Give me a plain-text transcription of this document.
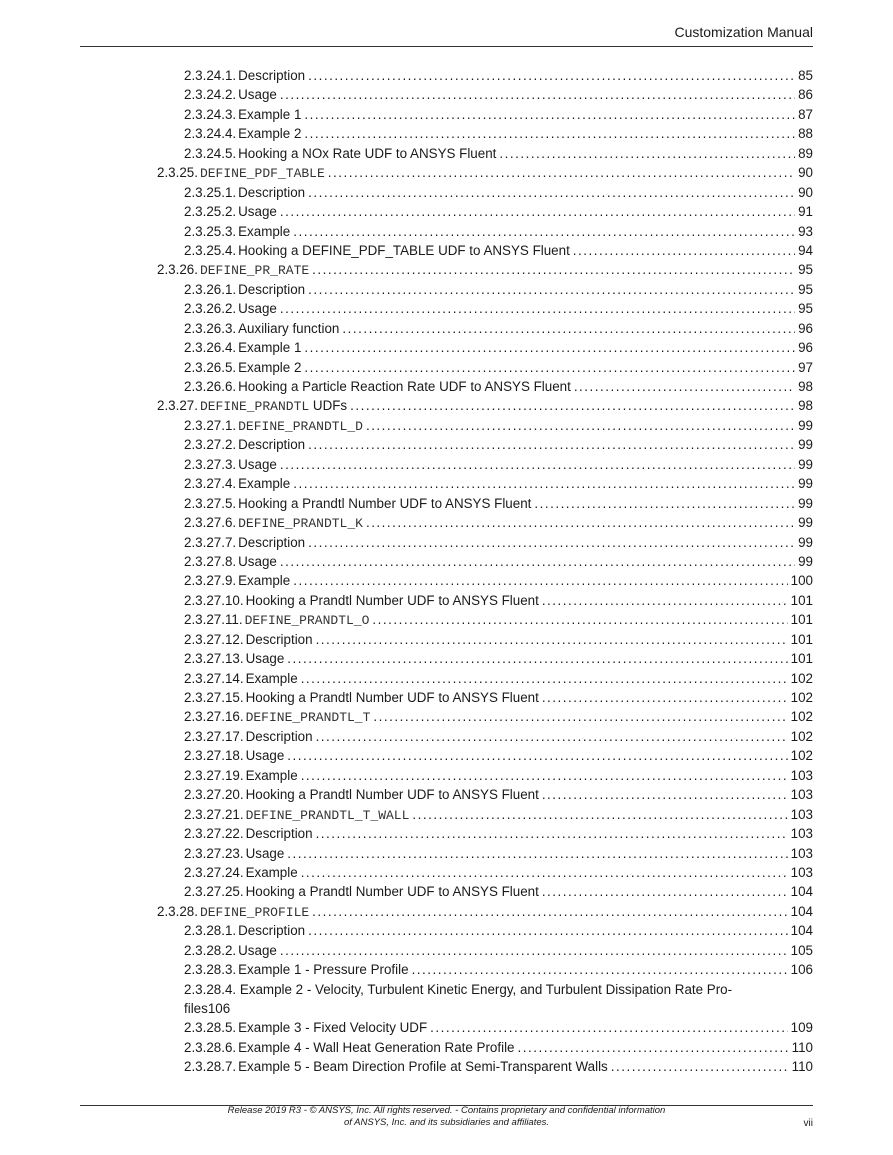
Customization Manual
2.3.24.1. Description . . .	85
2.3.24.2. Usage . . .	86
2.3.24.3. Example 1 . . .	87
2.3.24.4. Example 2 . . .	88
2.3.24.5. Hooking a NOx Rate UDF to ANSYS Fluent . . .	89
2.3.25. DEFINE_PDF_TABLE . . .	90
2.3.25.1. Description . . .	90
2.3.25.2. Usage . . .	91
2.3.25.3. Example . . .	93
2.3.25.4. Hooking a DEFINE_PDF_TABLE UDF to ANSYS Fluent . . .	94
2.3.26. DEFINE_PR_RATE . . .	95
2.3.26.1. Description . . .	95
2.3.26.2. Usage . . .	95
2.3.26.3. Auxiliary function . . .	96
2.3.26.4. Example 1 . . .	96
2.3.26.5. Example 2 . . .	97
2.3.26.6. Hooking a Particle Reaction Rate UDF to ANSYS Fluent . . .	98
2.3.27. DEFINE_PRANDTL UDFs . . .	98
2.3.27.1. DEFINE_PRANDTL_D . . .	99
2.3.27.2. Description . . .	99
2.3.27.3. Usage . . .	99
2.3.27.4. Example . . .	99
2.3.27.5. Hooking a Prandtl Number UDF to ANSYS Fluent . . .	99
2.3.27.6. DEFINE_PRANDTL_K . . .	99
2.3.27.7. Description . . .	99
2.3.27.8. Usage . . .	99
2.3.27.9. Example . . .	100
2.3.27.10. Hooking a Prandtl Number UDF to ANSYS Fluent . . .	101
2.3.27.11. DEFINE_PRANDTL_O . . .	101
2.3.27.12. Description . . .	101
2.3.27.13. Usage . . .	101
2.3.27.14. Example . . .	102
2.3.27.15. Hooking a Prandtl Number UDF to ANSYS Fluent . . .	102
2.3.27.16. DEFINE_PRANDTL_T . . .	102
2.3.27.17. Description . . .	102
2.3.27.18. Usage . . .	102
2.3.27.19. Example . . .	103
2.3.27.20. Hooking a Prandtl Number UDF to ANSYS Fluent . . .	103
2.3.27.21. DEFINE_PRANDTL_T_WALL . . .	103
2.3.27.22. Description . . .	103
2.3.27.23. Usage . . .	103
2.3.27.24. Example . . .	103
2.3.27.25. Hooking a Prandtl Number UDF to ANSYS Fluent . . .	104
2.3.28. DEFINE_PROFILE . . .	104
2.3.28.1. Description . . .	104
2.3.28.2. Usage . . .	105
2.3.28.3. Example 1 - Pressure Profile . . .	106
2.3.28.4. Example 2 - Velocity, Turbulent Kinetic Energy, and Turbulent Dissipation Rate Pro-
files 106
2.3.28.5. Example 3 - Fixed Velocity UDF . . .	109
2.3.28.6. Example 4 - Wall Heat Generation Rate Profile . . .	110
2.3.28.7. Example 5 - Beam Direction Profile at Semi-Transparent Walls . . .	110
Release 2019 R3 - © ANSYS, Inc. All rights reserved. - Contains proprietary and confidential information
of ANSYS, Inc. and its subsidiaries and affiliates.	vii
